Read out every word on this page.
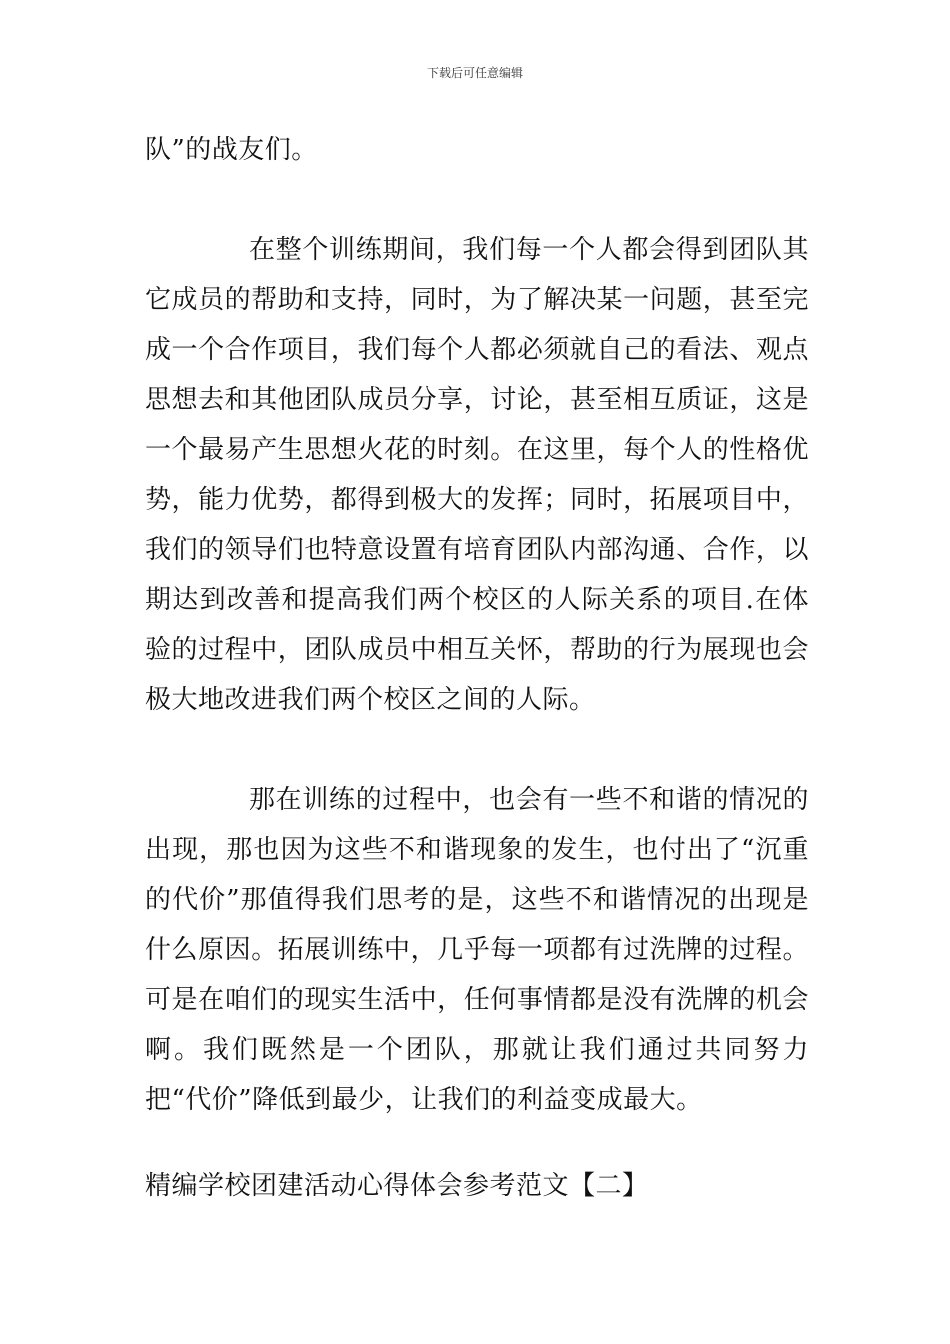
下载后可任意编辑

队”的战友们。

在整个训练期间，我们每一个人都会得到团队其它成员的帮助和支持，同时，为了解决某一问题，甚至完成一个合作项目，我们每个人都必须就自己的看法、观点思想去和其他团队成员分享，讨论，甚至相互质证，这是一个最易产生思想火花的时刻。在这里，每个人的性格优势，能力优势，都得到极大的发挥；同时，拓展项目中，我们的领导们也特意设置有培育团队内部沟通、合作，以期达到改善和提高我们两个校区的人际关系的项目.在体验的过程中，团队成员中相互关怀，帮助的行为展现也会极大地改进我们两个校区之间的人际。

那在训练的过程中，也会有一些不和谐的情况的出现，那也因为这些不和谐现象的发生，也付出了“沉重的代价”那值得我们思考的是，这些不和谐情况的出现是什么原因。拓展训练中，几乎每一项都有过洗牌的过程。可是在咱们的现实生活中，任何事情都是没有洗牌的机会啊。我们既然是一个团队，那就让我们通过共同努力把“代价”降低到最少，让我们的利益变成最大。

精编学校团建活动心得体会参考范文【二】
